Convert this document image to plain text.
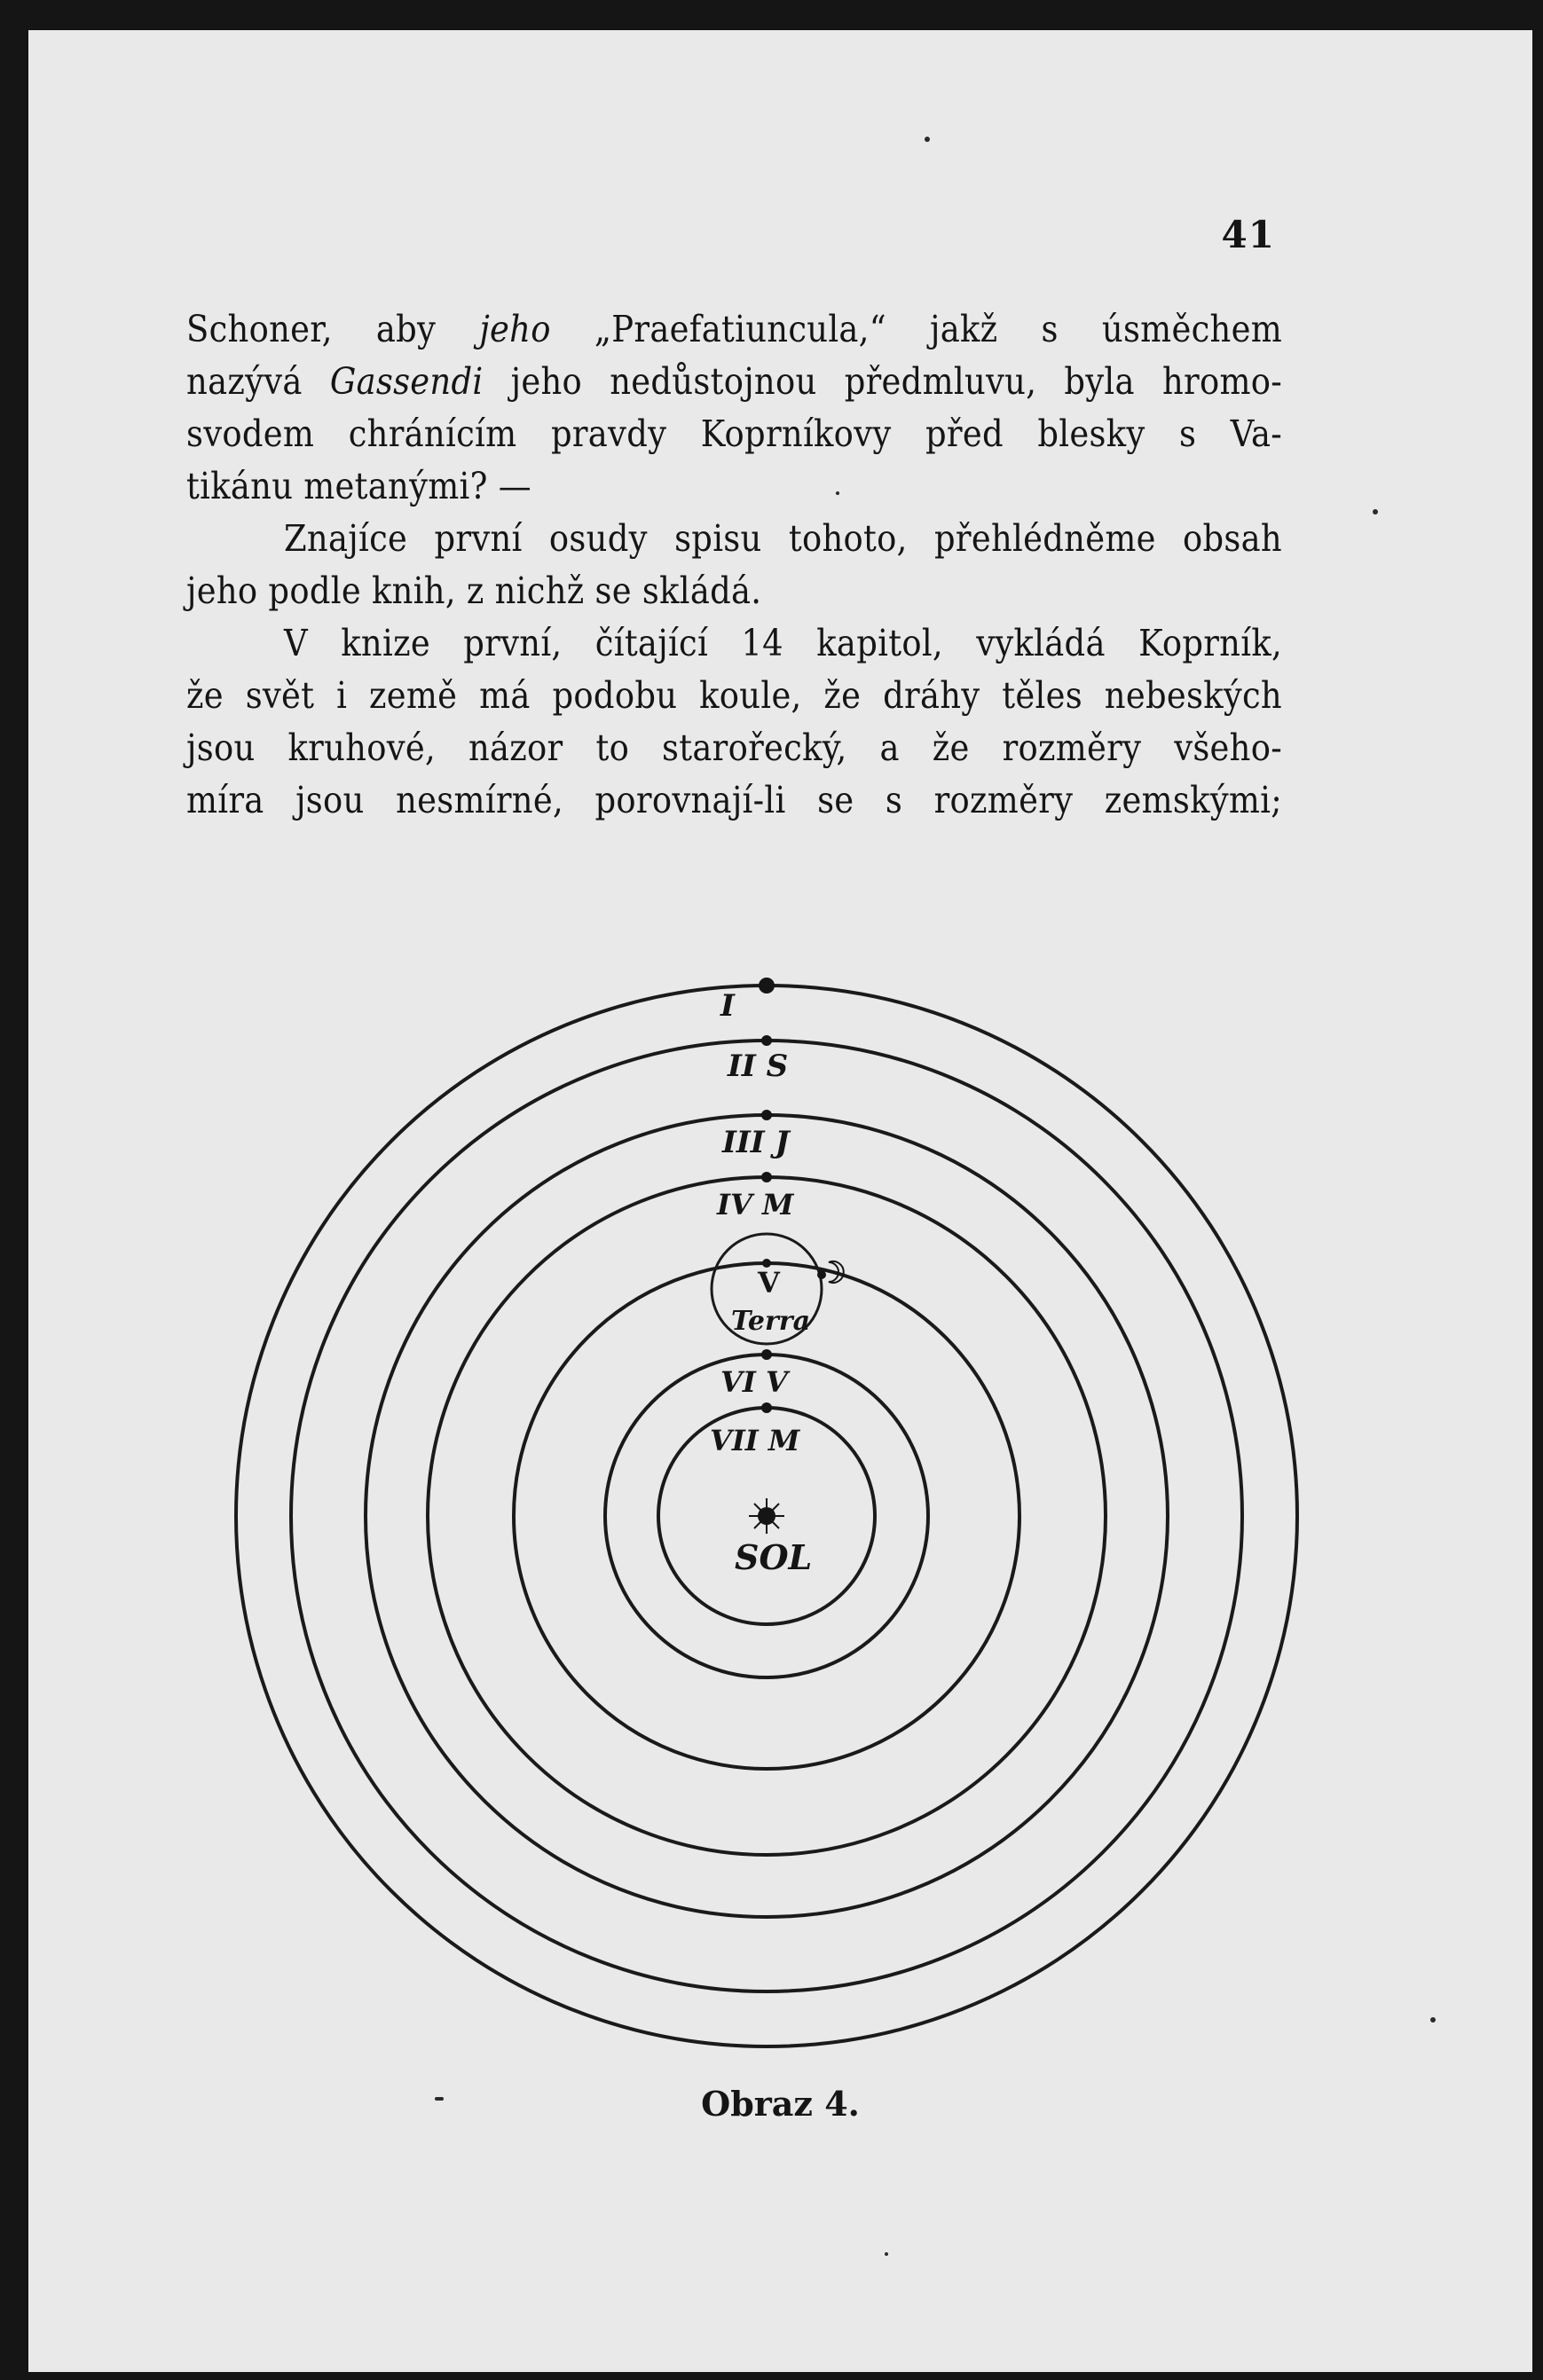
41
Schoner, aby jeho „Praefatiuncula,“ jakž s úsměchem
nazývá Gassendi jeho nedůstojnou předmluvu, byla hromo-
svodem chránícím pravdy Koprníkovy před blesky s Va-
tikánu metanými? —
Znajíce první osudy spisu tohoto, přehlédněme obsah
jeho podle knih, z nichž se skládá.
V knize první, čítající 14 kapitol, vykládá Koprník,
že svět i země má podobu koule, že dráhy těles nebeských
jsou kruhové, názor to starořecký, a že rozměry všeho-
míra jsou nesmírné, porovnají-li se s rozměry zemskými;
I
II S
III J
IV M
V
Terra
VI V
VII M
SOL
Obraz 4.
